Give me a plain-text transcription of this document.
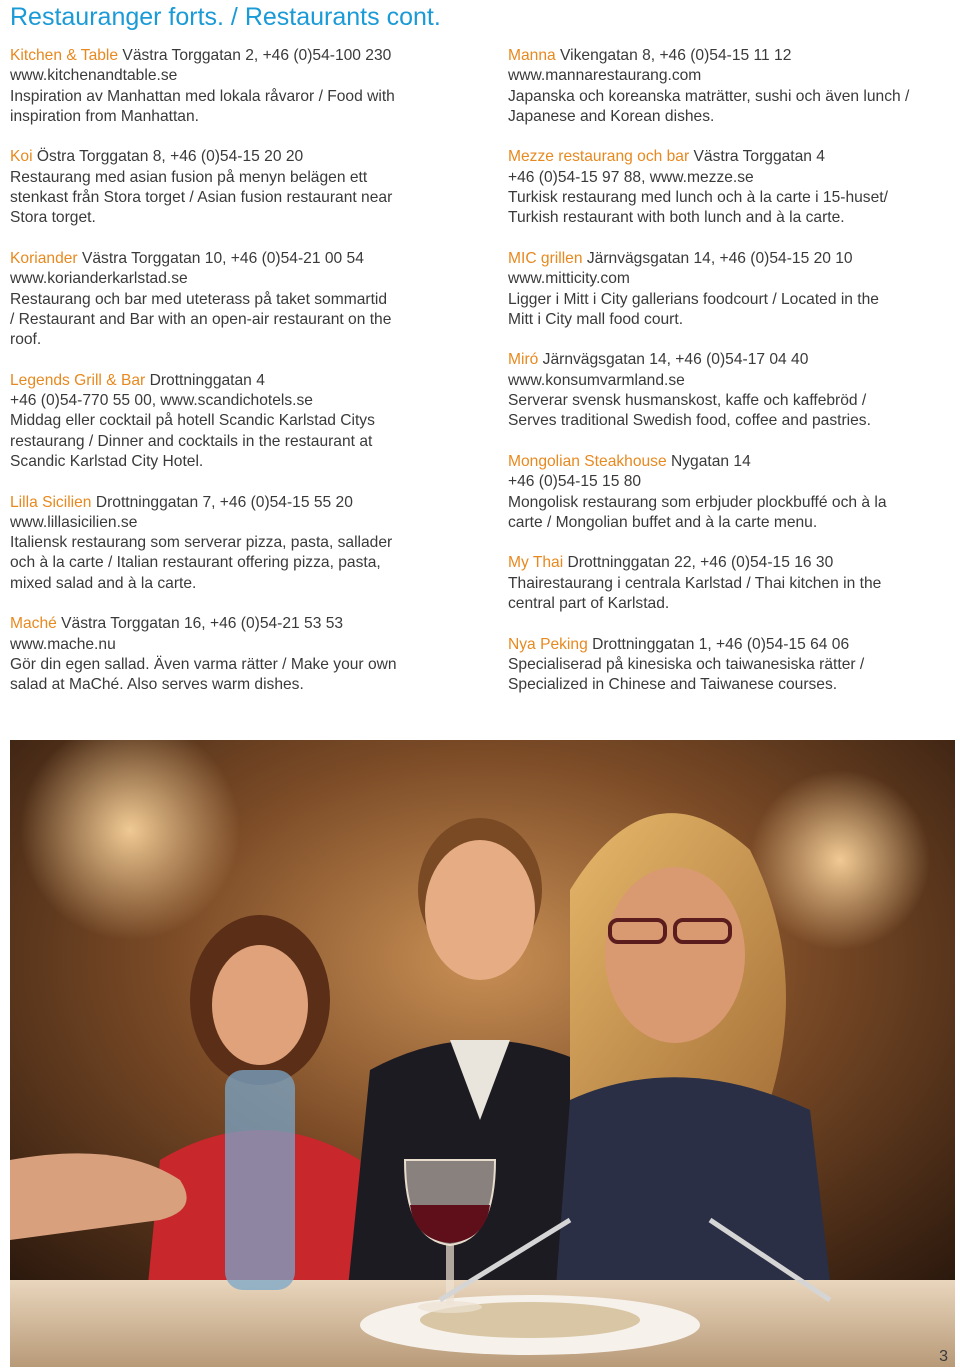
Restauranger forts. / Restaurants cont.
Kitchen & Table Västra Torggatan 2, +46 (0)54-100 230
www.kitchenandtable.se
Inspiration av Manhattan med lokala råvaror / Food with
inspiration from Manhattan.
Koi Östra Torggatan 8, +46 (0)54-15 20 20
Restaurang med asian fusion på menyn belägen ett
stenkast från Stora torget / Asian fusion restaurant near
Stora torget.
Koriander Västra Torggatan 10, +46 (0)54-21 00 54
www.korianderkarlstad.se
Restaurang och bar med uteterass på taket sommartid
/ Restaurant and Bar with an open-air restaurant on the
roof.
Legends Grill & Bar Drottninggatan 4
+46 (0)54-770 55 00, www.scandichotels.se
Middag eller cocktail på hotell Scandic Karlstad Citys
restaurang / Dinner and cocktails in the restaurant at
Scandic Karlstad City Hotel.
Lilla Sicilien Drottninggatan 7, +46 (0)54-15 55 20
www.lillasicilien.se
Italiensk restaurang som serverar pizza, pasta, sallader
och à la carte / Italian restaurant offering pizza, pasta,
mixed salad and à la carte.
Maché Västra Torggatan 16, +46 (0)54-21 53 53
www.mache.nu
Gör din egen sallad. Även varma rätter / Make your own
salad at MaChé. Also serves warm dishes.
Manna Vikengatan 8, +46 (0)54-15 11 12
www.mannarestaurang.com
Japanska och koreanska maträtter, sushi och även lunch /
Japanese and Korean dishes.
Mezze restaurang och bar Västra Torggatan 4
+46 (0)54-15 97 88, www.mezze.se
Turkisk restaurang med lunch och à la carte i 15-huset/
Turkish restaurant with both lunch and à la carte.
MIC grillen Järnvägsgatan 14, +46 (0)54-15 20 10
www.mitticity.com
Ligger i Mitt i City gallerians foodcourt / Located in the
Mitt i City mall food court.
Miró Järnvägsgatan 14, +46 (0)54-17 04 40
www.konsumvarmland.se
Serverar svensk husmanskost, kaffe och kaffebröd /
Serves traditional Swedish food, coffee and pastries.
Mongolian Steakhouse Nygatan 14
+46 (0)54-15 15 80
Mongolisk restaurang som erbjuder plockbuffé och à la
carte / Mongolian buffet and à la carte menu.
My Thai Drottninggatan 22, +46 (0)54-15 16 30
Thairestaurang i centrala Karlstad / Thai kitchen in the
central part of Karlstad.
Nya Peking Drottninggatan 1, +46 (0)54-15 64 06
Specialiserad på kinesiska och taiwanesiska rätter /
Specialized in Chinese and Taiwanese courses.
3
